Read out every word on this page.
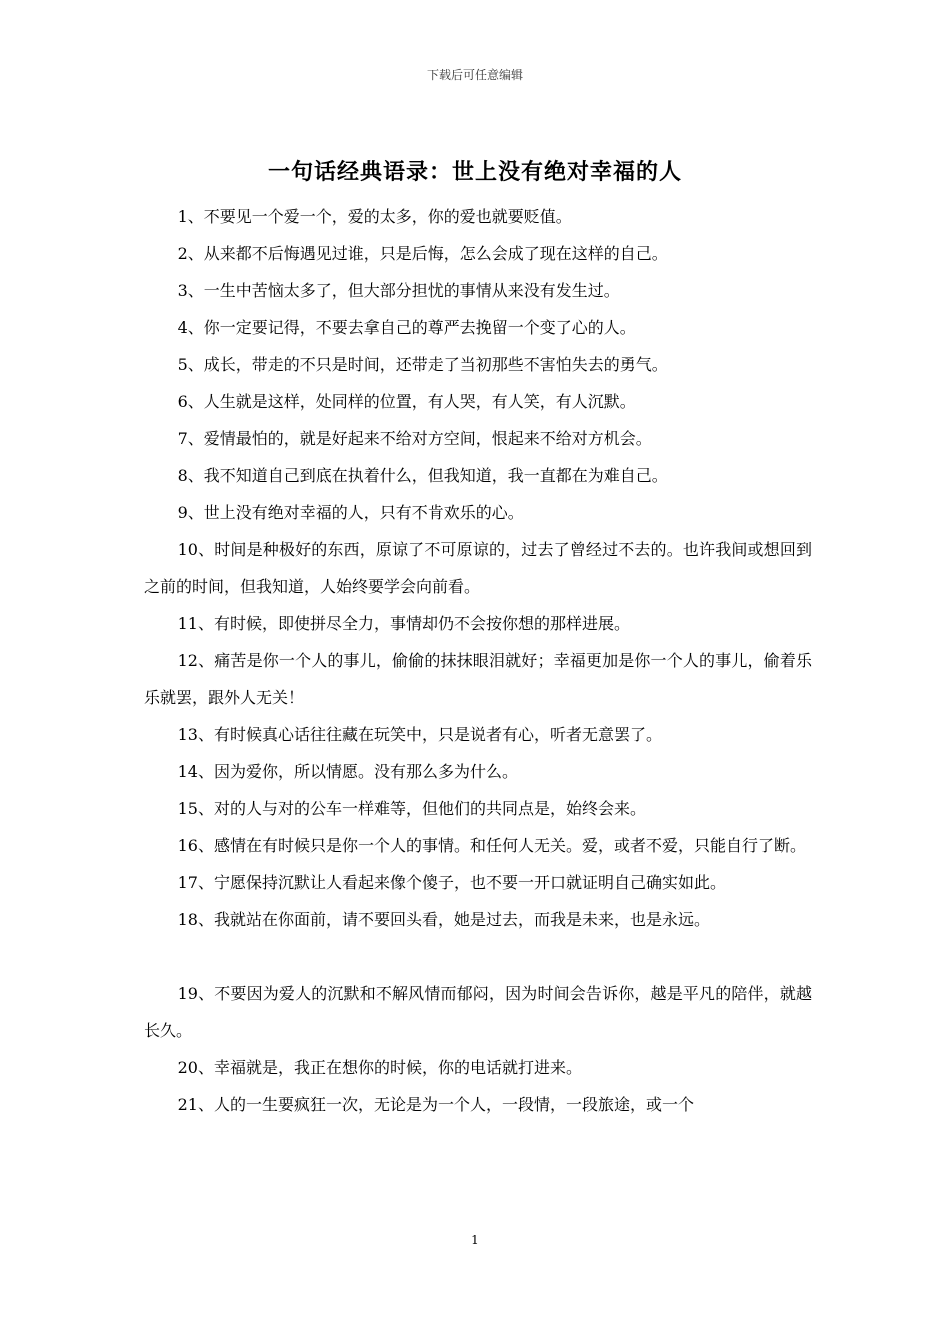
下载后可任意编辑
一句话经典语录：世上没有绝对幸福的人

1、不要见一个爱一个，爱的太多，你的爱也就要贬值。

2、从来都不后悔遇见过谁，只是后悔，怎么会成了现在这样的自己。

3、一生中苦恼太多了，但大部分担忧的事情从来没有发生过。

4、你一定要记得，不要去拿自己的尊严去挽留一个变了心的人。

5、成长，带走的不只是时间，还带走了当初那些不害怕失去的勇气。

6、人生就是这样，处同样的位置，有人哭，有人笑，有人沉默。

7、爱情最怕的，就是好起来不给对方空间，恨起来不给对方机会。

8、我不知道自己到底在执着什么，但我知道，我一直都在为难自己。

9、世上没有绝对幸福的人，只有不肯欢乐的心。

10、时间是种极好的东西，原谅了不可原谅的，过去了曾经过不去的。也许我间或想回到之前的时间，但我知道，人始终要学会向前看。

11、有时候，即使拼尽全力，事情却仍不会按你想的那样进展。

12、痛苦是你一个人的事儿，偷偷的抹抹眼泪就好；幸福更加是你一个人的事儿，偷着乐乐就罢，跟外人无关！

13、有时候真心话往往藏在玩笑中，只是说者有心，听者无意罢了。

14、因为爱你，所以情愿。没有那么多为什么。

15、对的人与对的公车一样难等，但他们的共同点是，始终会来。

16、感情在有时候只是你一个人的事情。和任何人无关。爱，或者不爱，只能自行了断。

17、宁愿保持沉默让人看起来像个傻子，也不要一开口就证明自己确实如此。

18、我就站在你面前，请不要回头看，她是过去，而我是未来，也是永远。

19、不要因为爱人的沉默和不解风情而郁闷，因为时间会告诉你，越是平凡的陪伴，就越长久。

20、幸福就是，我正在想你的时候，你的电话就打进来。

21、人的一生要疯狂一次，无论是为一个人，一段情，一段旅途，或一个

1
